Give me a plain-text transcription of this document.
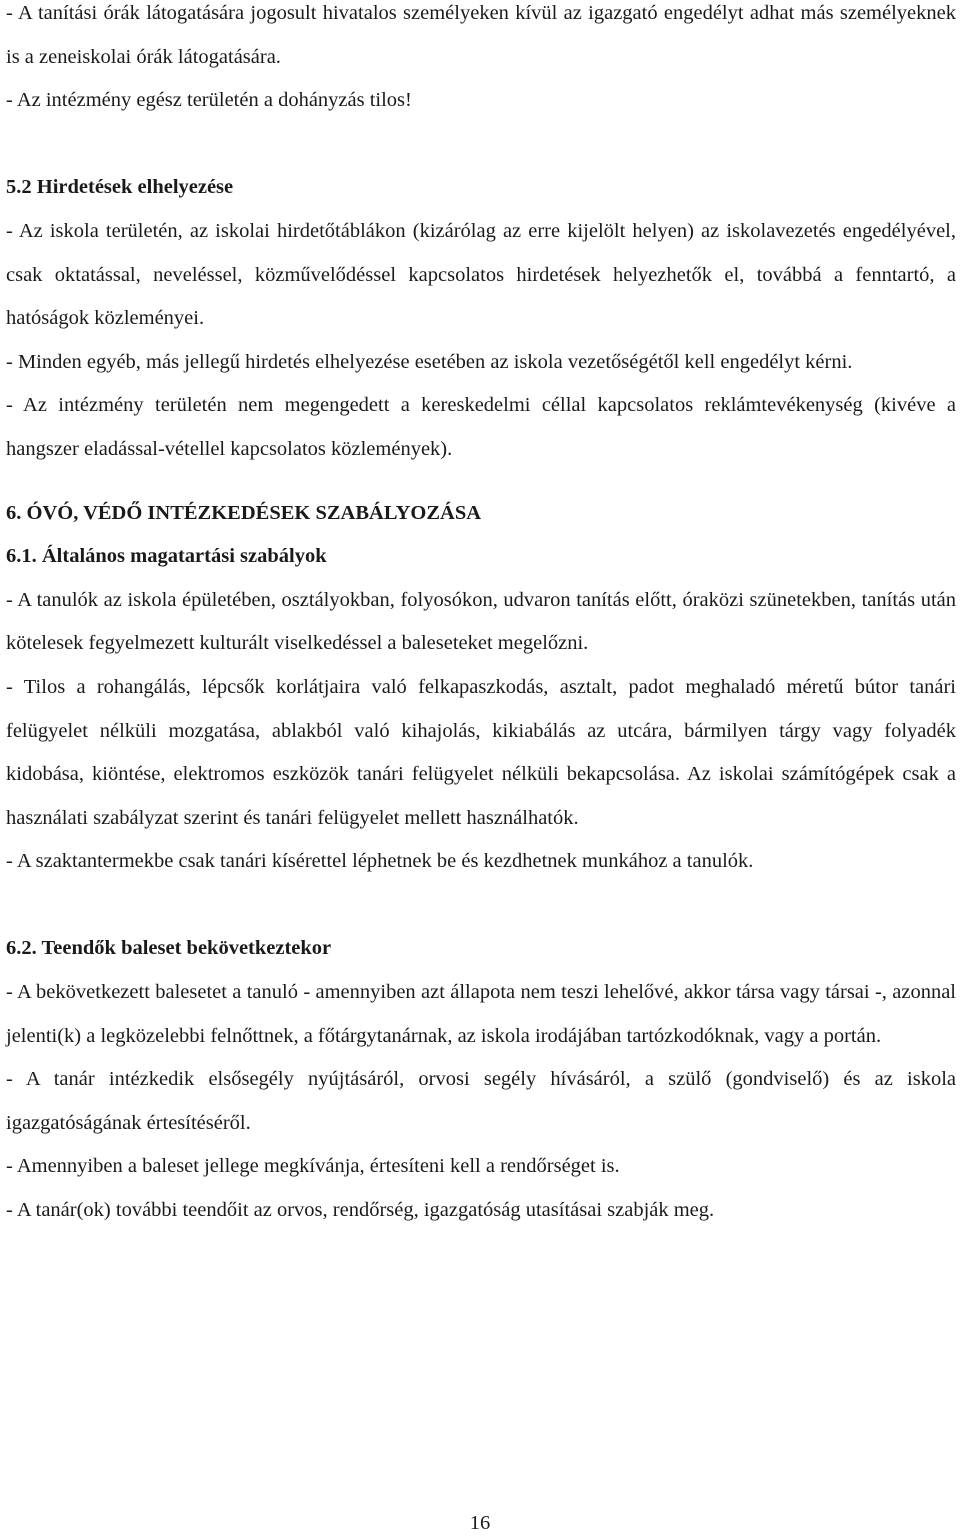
- A tanítási órák látogatására jogosult hivatalos személyeken kívül az igazgató engedélyt adhat más személyeknek is a zeneiskolai órák látogatására.

- Az intézmény egész területén a dohányzás tilos!

5.2 Hirdetések elhelyezése

- Az iskola területén, az iskolai hirdetőtáblákon (kizárólag az erre kijelölt helyen) az iskolavezetés engedélyével, csak oktatással, neveléssel, közművelődéssel kapcsolatos hirdetések helyezhetők el, továbbá a fenntartó, a hatóságok közleményei.

- Minden egyéb, más jellegű hirdetés elhelyezése esetében az iskola vezetőségétől kell engedélyt kérni.

- Az intézmény területén nem megengedett a kereskedelmi céllal kapcsolatos reklámtevékenység (kivéve a hangszer eladással-vétellel kapcsolatos közlemények).

6. ÓVÓ, VÉDŐ INTÉZKEDÉSEK SZABÁLYOZÁSA

6.1. Általános magatartási szabályok

- A tanulók az iskola épületében, osztályokban, folyosókon, udvaron tanítás előtt, óraközi szünetekben, tanítás után kötelesek fegyelmezett kulturált viselkedéssel a baleseteket megelőzni.

- Tilos a rohangálás, lépcsők korlátjaira való felkapaszkodás, asztalt, padot meghaladó méretű bútor tanári felügyelet nélküli mozgatása, ablakból való kihajolás, kikiabálás az utcára, bármilyen tárgy vagy folyadék kidobása, kiöntése, elektromos eszközök tanári felügyelet nélküli bekapcsolása. Az iskolai számítógépek csak a használati szabályzat szerint és tanári felügyelet mellett használhatók.

- A szaktantermekbe csak tanári kísérettel léphetnek be és kezdhetnek munkához a tanulók.

6.2. Teendők baleset bekövetkeztekor

- A bekövetkezett balesetet a tanuló - amennyiben azt állapota nem teszi lehelővé, akkor társa vagy társai -, azonnal jelenti(k) a legközelebbi felnőttnek, a főtárgytanárnak, az iskola irodájában tartózkodóknak, vagy a portán.

- A tanár intézkedik elsősegély nyújtásáról, orvosi segély hívásáról, a szülő (gondviselő) és az iskola igazgatóságának értesítéséről.

- Amennyiben a baleset jellege megkívánja, értesíteni kell a rendőrséget is.

- A tanár(ok) további teendőit az orvos, rendőrség, igazgatóság utasításai szabják meg.

16
